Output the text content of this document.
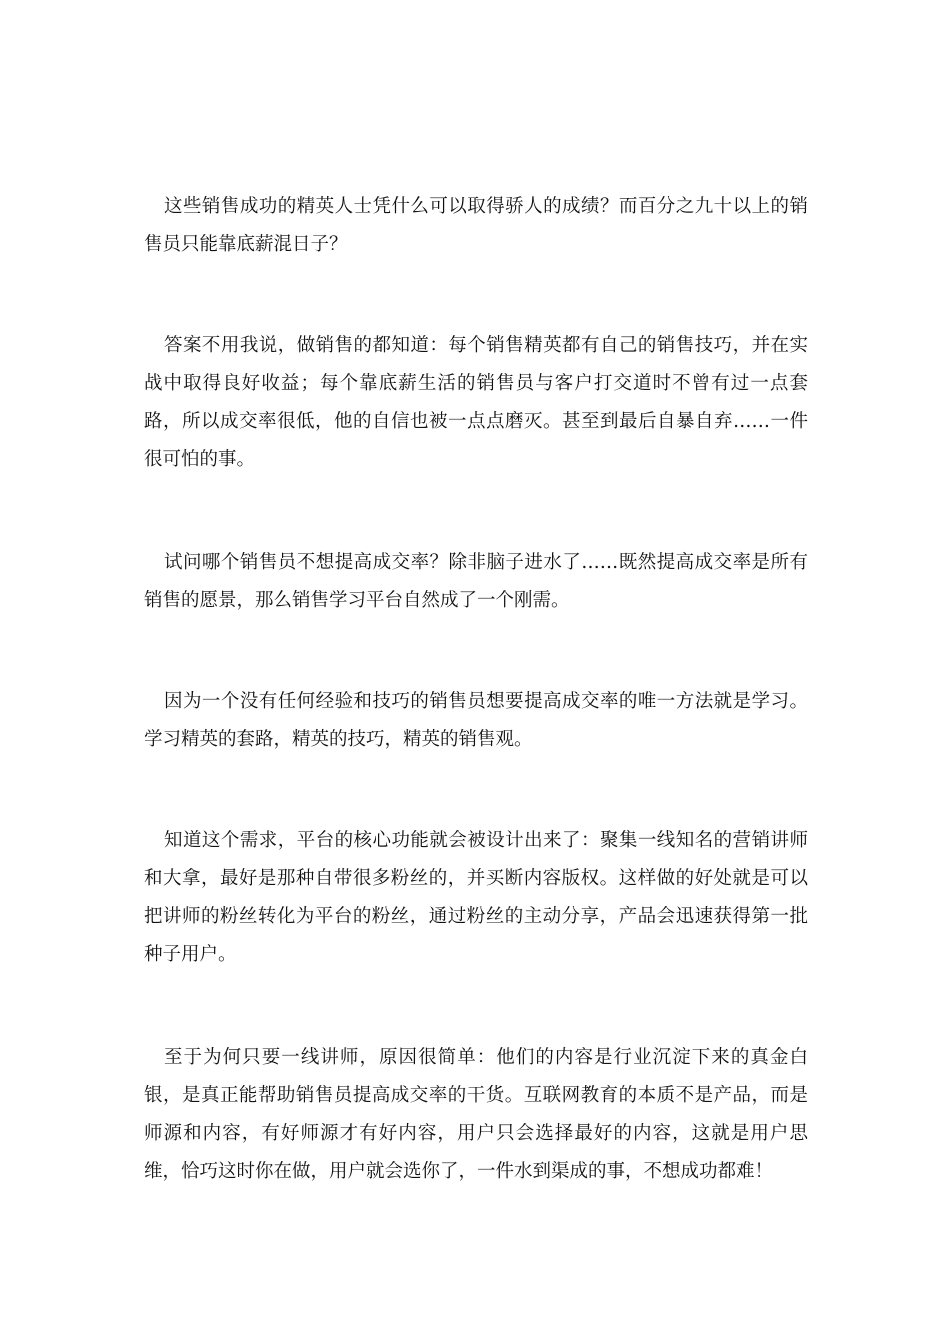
这些销售成功的精英人士凭什么可以取得骄人的成绩？而百分之九十以上的销售员只能靠底薪混日子？

答案不用我说，做销售的都知道：每个销售精英都有自己的销售技巧，并在实战中取得良好收益；每个靠底薪生活的销售员与客户打交道时不曾有过一点套路，所以成交率很低，他的自信也被一点点磨灭。甚至到最后自暴自弃……一件很可怕的事。

试问哪个销售员不想提高成交率？除非脑子进水了……既然提高成交率是所有销售的愿景，那么销售学习平台自然成了一个刚需。

因为一个没有任何经验和技巧的销售员想要提高成交率的唯一方法就是学习。学习精英的套路，精英的技巧，精英的销售观。

知道这个需求，平台的核心功能就会被设计出来了：聚集一线知名的营销讲师和大拿，最好是那种自带很多粉丝的，并买断内容版权。这样做的好处就是可以把讲师的粉丝转化为平台的粉丝，通过粉丝的主动分享，产品会迅速获得第一批种子用户。

至于为何只要一线讲师，原因很简单：他们的内容是行业沉淀下来的真金白银，是真正能帮助销售员提高成交率的干货。互联网教育的本质不是产品，而是师源和内容，有好师源才有好内容，用户只会选择最好的内容，这就是用户思维，恰巧这时你在做，用户就会选你了，一件水到渠成的事，不想成功都难！
